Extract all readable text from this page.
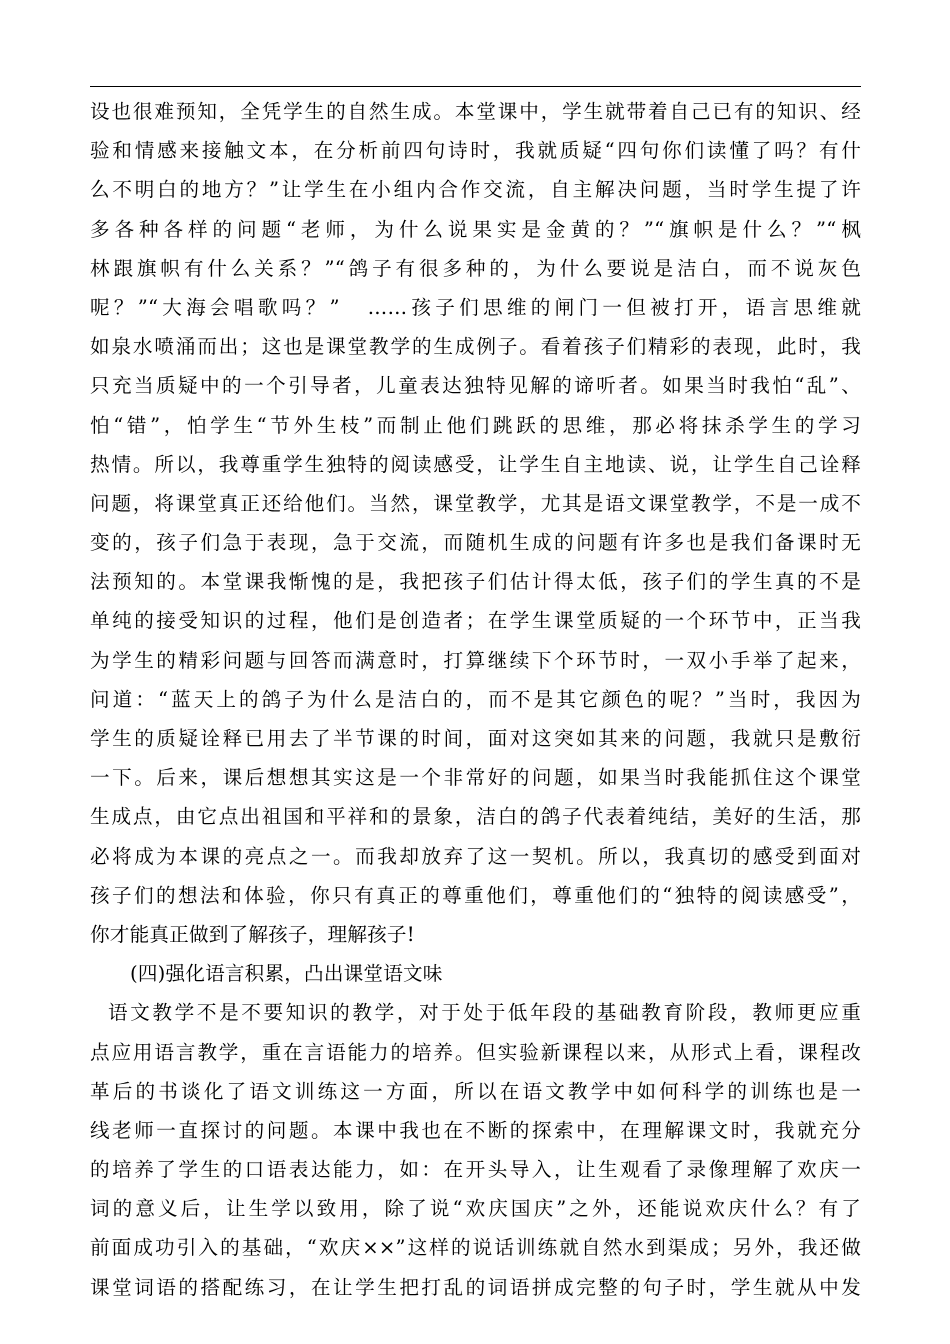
设也很难预知，全凭学生的自然生成。本堂课中，学生就带着自己已有的知识、经
验和情感来接触文本，在分析前四句诗时，我就质疑“四句你们读懂了吗？有什
么不明白的地方？”让学生在小组内合作交流，自主解决问题，当时学生提了许
多各种各样的问题“老师，为什么说果实是金黄的？”“旗帜是什么？”“枫
林跟旗帜有什么关系？”“鸽子有很多种的，为什么要说是洁白，而不说灰色
呢？”“大海会唱歌吗？”　……孩子们思维的闸门一但被打开，语言思维就
如泉水喷涌而出；这也是课堂教学的生成例子。看着孩子们精彩的表现，此时，我
只充当质疑中的一个引导者，儿童表达独特见解的谛听者。如果当时我怕“乱”、
怕“错”，怕学生“节外生枝”而制止他们跳跃的思维，那必将抹杀学生的学习
热情。所以，我尊重学生独特的阅读感受，让学生自主地读、说，让学生自己诠释
问题，将课堂真正还给他们。当然，课堂教学，尤其是语文课堂教学，不是一成不
变的，孩子们急于表现，急于交流，而随机生成的问题有许多也是我们备课时无
法预知的。本堂课我惭愧的是，我把孩子们估计得太低，孩子们的学生真的不是
单纯的接受知识的过程，他们是创造者；在学生课堂质疑的一个环节中，正当我
为学生的精彩问题与回答而满意时，打算继续下个环节时，一双小手举了起来，
问道：“蓝天上的鸽子为什么是洁白的，而不是其它颜色的呢？”当时，我因为
学生的质疑诠释已用去了半节课的时间，面对这突如其来的问题，我就只是敷衍
一下。后来，课后想想其实这是一个非常好的问题，如果当时我能抓住这个课堂
生成点，由它点出祖国和平祥和的景象，洁白的鸽子代表着纯结，美好的生活，那
必将成为本课的亮点之一。而我却放弃了这一契机。所以，我真切的感受到面对
孩子们的想法和体验，你只有真正的尊重他们，尊重他们的“独特的阅读感受”，
你才能真正做到了解孩子，理解孩子!
(四)强化语言积累，凸出课堂语文味
语文教学不是不要知识的教学，对于处于低年段的基础教育阶段，教师更应重
点应用语言教学，重在言语能力的培养。但实验新课程以来，从形式上看，课程改
革后的书谈化了语文训练这一方面，所以在语文教学中如何科学的训练也是一
线老师一直探讨的问题。本课中我也在不断的探索中，在理解课文时，我就充分
的培养了学生的口语表达能力，如：在开头导入，让生观看了录像理解了欢庆一
词的意义后，让生学以致用，除了说“欢庆国庆”之外，还能说欢庆什么？有了
前面成功引入的基础，“欢庆××”这样的说话训练就自然水到渠成；另外，我还做
课堂词语的搭配练习，在让学生把打乱的词语拼成完整的句子时，学生就从中发
